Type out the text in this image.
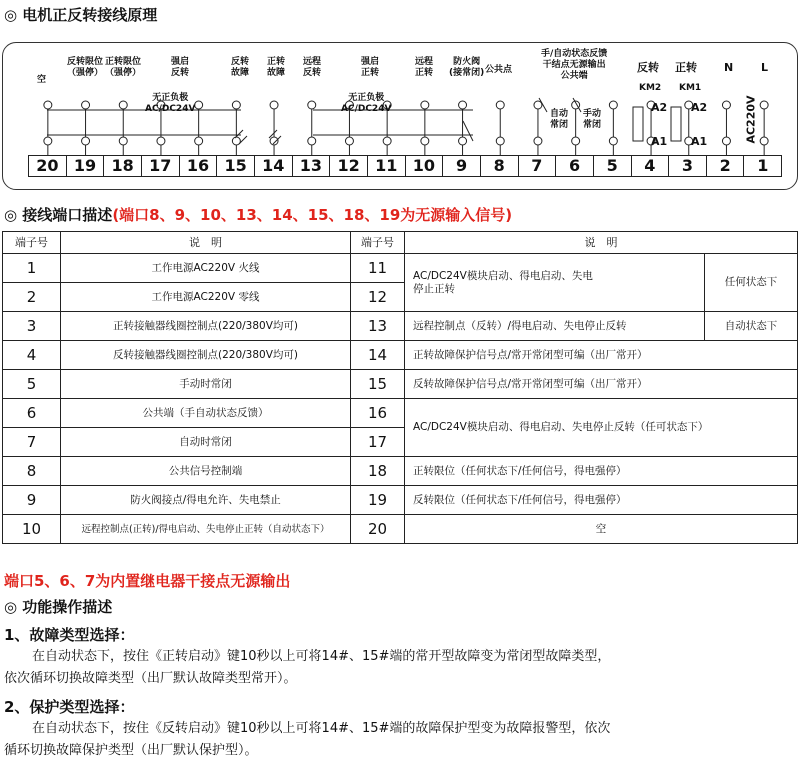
◎ 电机正反转接线原理
空
反转限位
（强停）
正转限位
（强停）
强启
反转
无正负极
AC/DC24V
反转
故障
正转
故障
远程
反转
强启
正转
无正负极
AC/DC24V
远程
正转
防火阀
(接常闭) 公共点
手/自动状态反馈
干结点无源输出
公共端
自动
常闭
手动
常闭
反转 正转
KM2 KM1
A2 A2
A1 A1
N	L
AC220V
20 19 18 17 16 15 14 13 12 11 10	9	8	7	6	5	4	3	2	1
◎ 接线端口描述(端口8、9、10、13、14、15、18、19为无源输入信号)
端子号	说　明	端子号	说　明	
1	工作电源AC220V 火线	11	AC/DC24V模块启动、得电启动、失电
停止正转	任何状态下
2	工作电源AC220V 零线	12		
3	正转接触器线圈控制点(220/380V均可)	13	远程控制点（反转）/得电启动、失电停止反转	自动状态下
4	反转接触器线圈控制点(220/380V均可)	14	正转故障保护信号点/常开常闭型可编（出厂常开）	
5	手动时常闭	15	反转故障保护信号点/常开常闭型可编（出厂常开）	
6	公共端（手自动状态反馈）	16	AC/DC24V模块启动、得电启动、失电停止反转（任可状态下）	
7	自动时常闭	17		
8	公共信号控制端	18	正转限位（任何状态下/任何信号，得电强停）	
9	防火阀接点/得电允许、失电禁止	19	反转限位（任何状态下/任何信号，得电强停）	
10	远程控制点(正转)/得电启动、失电停止正转（自动状态下）	20	空	
端口5、6、7为内置继电器干接点无源输出
◎ 功能操作描述
1、故障类型选择：
在自动状态下，按住《正转启动》键10秒以上可将14#、15#端的常开型故障变为常闭型故障类型，
依次循环切换故障类型（出厂默认故障类型常开）。
2、保护类型选择：
在自动状态下，按住《反转启动》键10秒以上可将14#、15#端的故障保护型变为故障报警型，依次
循环切换故障保护类型（出厂默认保护型）。
